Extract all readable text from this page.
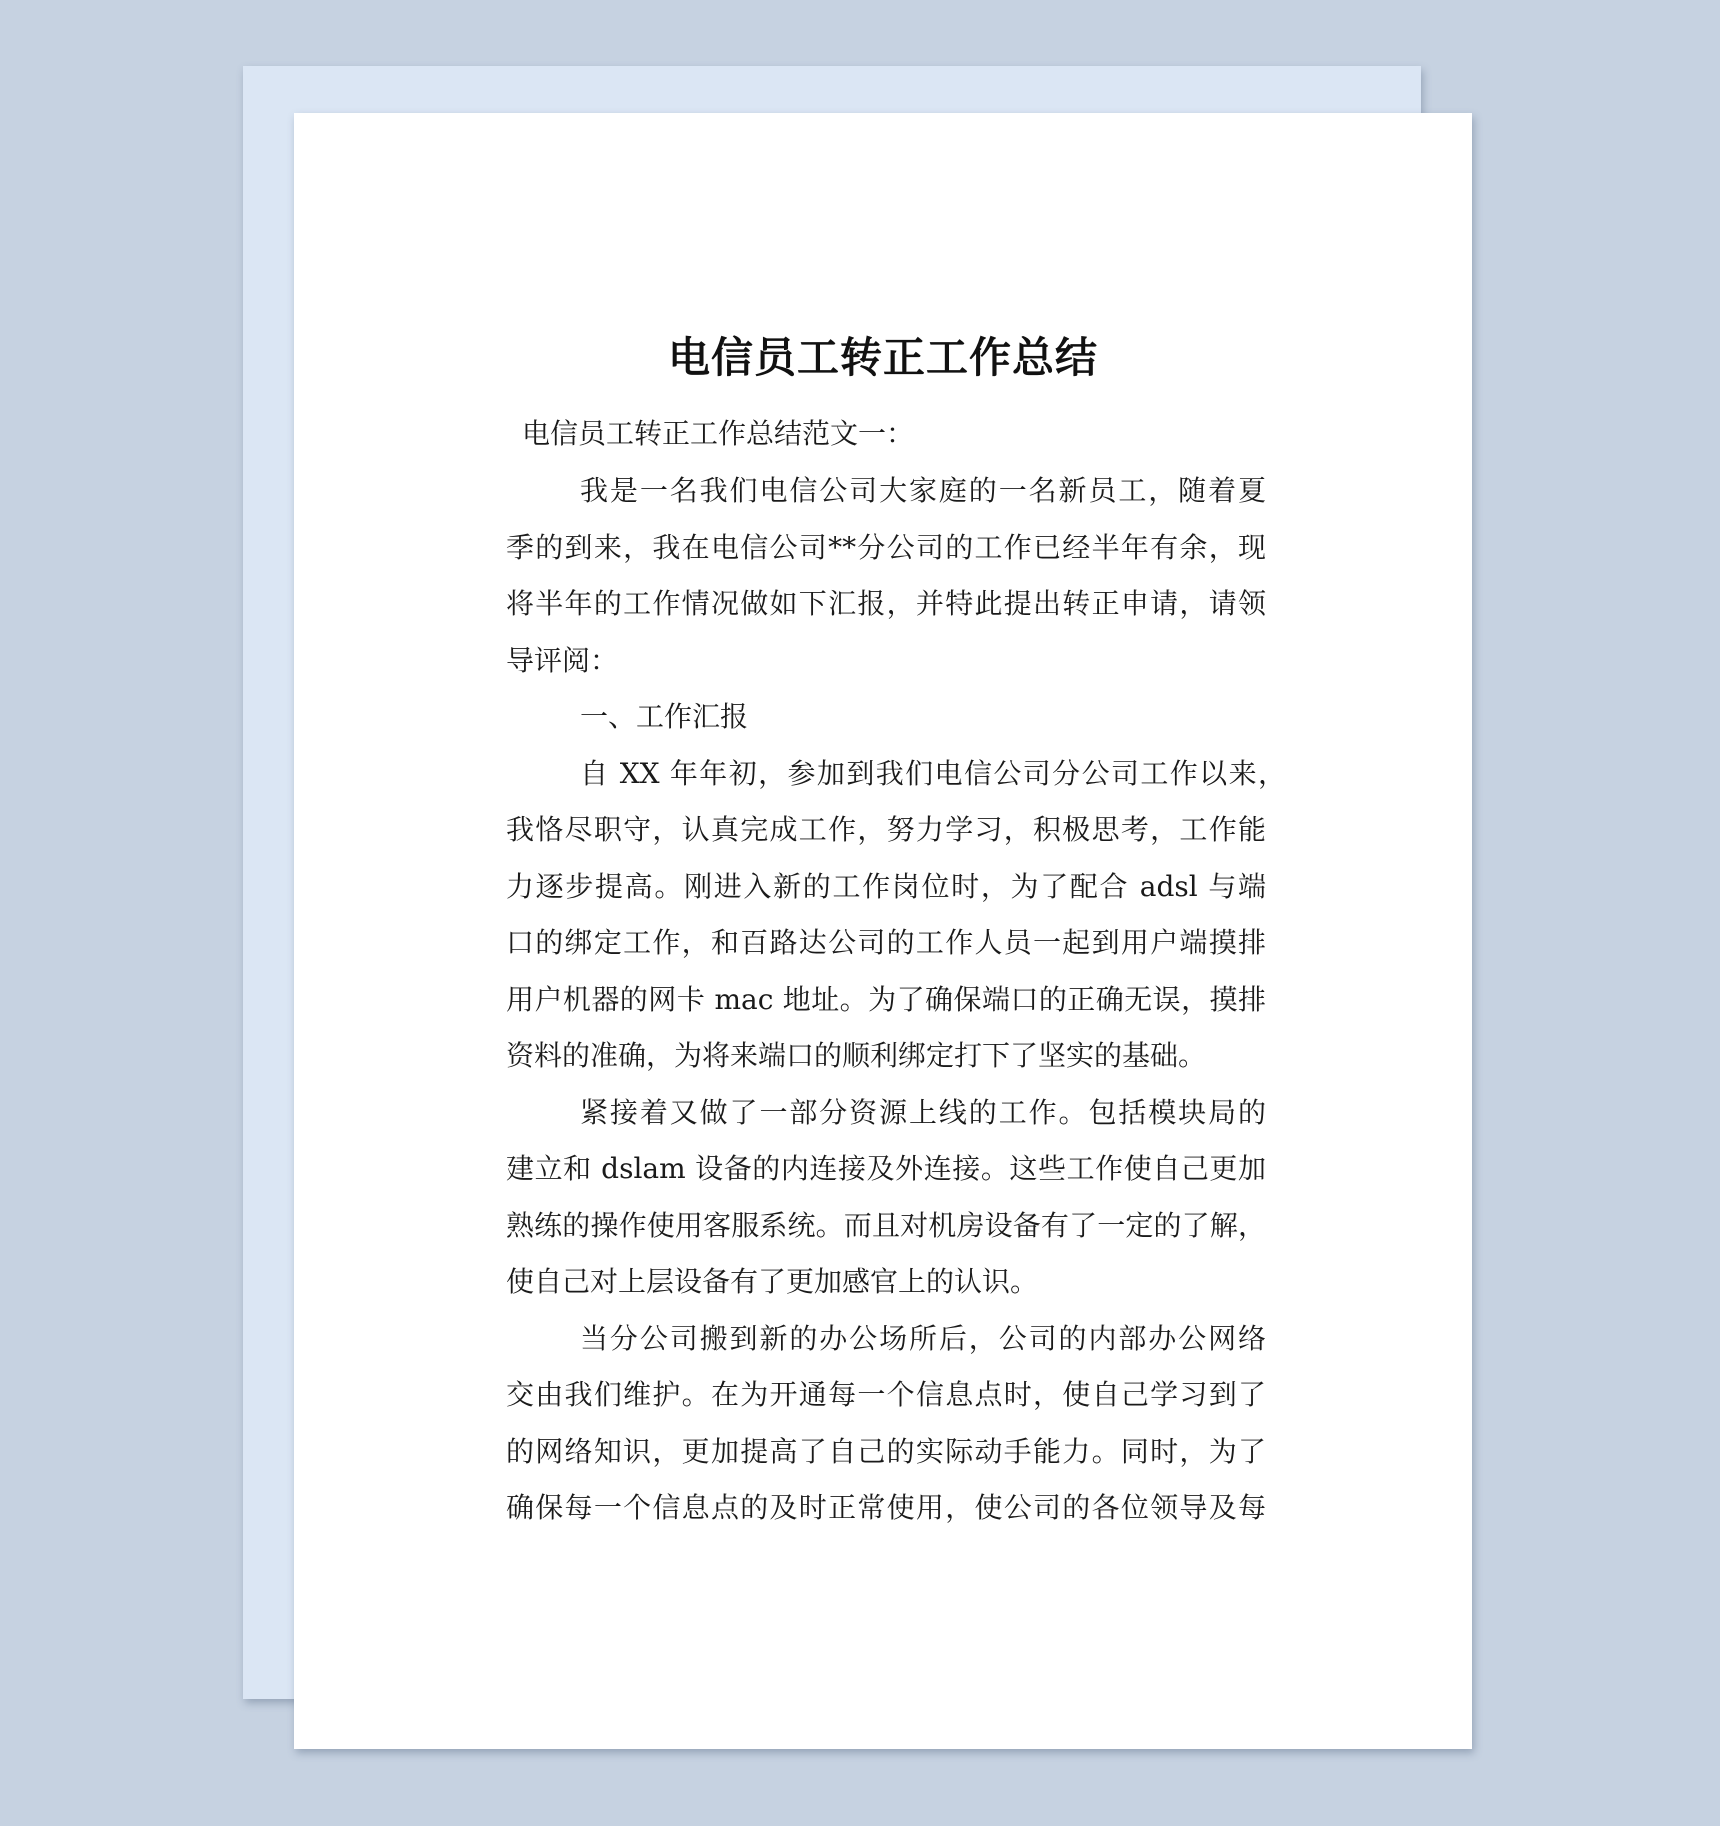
电信员工转正工作总结

电信员工转正工作总结范文一：

我是一名我们电信公司大家庭的一名新员工，随着夏

季的到来，我在电信公司**分公司的工作已经半年有余，现

将半年的工作情况做如下汇报，并特此提出转正申请，请领

导评阅：

一、工作汇报

自 XX 年年初，参加到我们电信公司分公司工作以来，

我恪尽职守，认真完成工作，努力学习，积极思考，工作能

力逐步提高。刚进入新的工作岗位时，为了配合 adsl 与端

口的绑定工作，和百路达公司的工作人员一起到用户端摸排

用户机器的网卡 mac 地址。为了确保端口的正确无误，摸排

资料的准确，为将来端口的顺利绑定打下了坚实的基础。

紧接着又做了一部分资源上线的工作。包括模块局的

建立和 dslam 设备的内连接及外连接。这些工作使自己更加

熟练的操作使用客服系统。而且对机房设备有了一定的了解，

使自己对上层设备有了更加感官上的认识。

当分公司搬到新的办公场所后，公司的内部办公网络

交由我们维护。在为开通每一个信息点时，使自己学习到了

的网络知识，更加提高了自己的实际动手能力。同时，为了

确保每一个信息点的及时正常使用，使公司的各位领导及每
